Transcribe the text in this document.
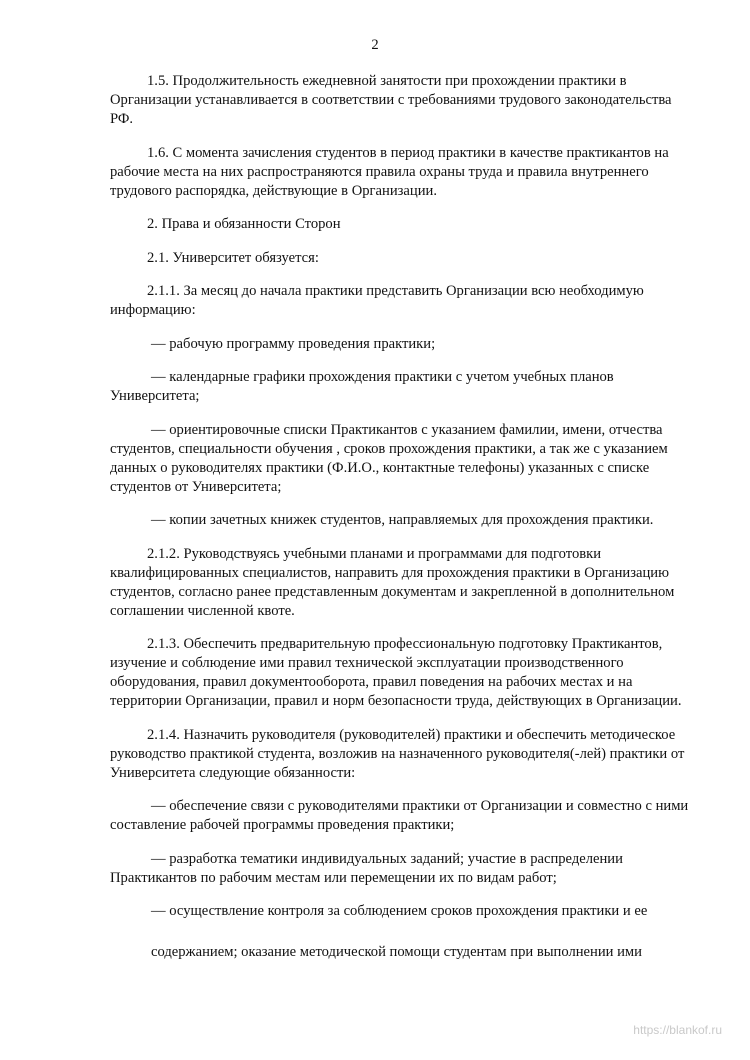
2

1.5. Продолжительность ежедневной занятости при прохождении практики в Организации устанавливается в соответствии с требованиями трудового законодательства РФ.

1.6. С момента зачисления студентов в период практики в качестве практикантов на рабочие места на них распространяются правила охраны труда и правила внутреннего трудового распорядка, действующие в Организации.

2. Права и обязанности Сторон

2.1. Университет обязуется:

2.1.1. За месяц до начала практики представить Организации всю необходимую информацию:

— рабочую программу проведения практики;

— календарные графики прохождения практики с учетом учебных планов Университета;

— ориентировочные списки Практикантов с указанием фамилии, имени, отчества студентов, специальности обучения , сроков прохождения практики, а так же с указанием данных о руководителях практики (Ф.И.О., контактные телефоны) указанных с списке студентов от Университета;

— копии зачетных книжек студентов, направляемых для прохождения практики.

2.1.2. Руководствуясь учебными планами и программами для подготовки квалифицированных специалистов, направить для прохождения практики в Организацию студентов, согласно ранее представленным документам и закрепленной в дополнительном соглашении численной квоте.

2.1.3. Обеспечить предварительную профессиональную подготовку Практикантов, изучение и соблюдение ими правил технической эксплуатации производственного оборудования, правил документооборота, правил поведения на рабочих местах и на территории Организации, правил и норм безопасности труда, действующих в Организации.

2.1.4. Назначить руководителя (руководителей) практики и обеспечить методическое руководство практикой студента, возложив на назначенного руководителя(-лей) практики от Университета следующие обязанности:

— обеспечение связи с руководителями практики от Организации и совместно с ними составление рабочей программы проведения практики;

— разработка тематики индивидуальных заданий; участие в распределении Практикантов по рабочим местам или перемещении их по видам работ;

— осуществление контроля за соблюдением сроков прохождения практики и ее

содержанием; оказание методической помощи студентам при выполнении ими

https://blankof.ru
